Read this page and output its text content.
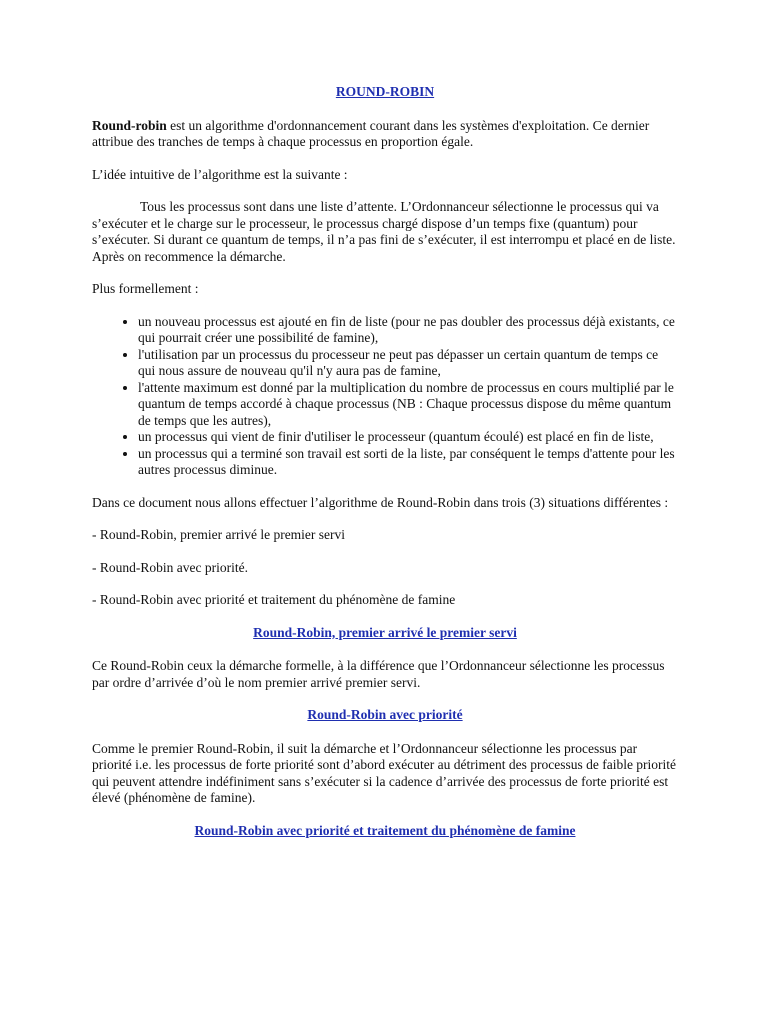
ROUND-ROBIN

Round-robin est un algorithme d'ordonnancement courant dans les systèmes d'exploitation. Ce dernier attribue des tranches de temps à chaque processus en proportion égale.

L’idée intuitive de l’algorithme est la suivante :

Tous les processus sont dans une liste d’attente. L’Ordonnanceur sélectionne le processus qui va s’exécuter et le charge sur le processeur, le processus chargé dispose d’un temps fixe (quantum) pour s’exécuter. Si durant ce quantum de temps, il n’a pas fini de s’exécuter, il est interrompu et placé en de liste. Après on recommence la démarche.

Plus formellement :

• un nouveau processus est ajouté en fin de liste (pour ne pas doubler des processus déjà existants, ce qui pourrait créer une possibilité de famine),
• l'utilisation par un processus du processeur ne peut pas dépasser un certain quantum de temps ce qui nous assure de nouveau qu'il n'y aura pas de famine,
• l'attente maximum est donné par la multiplication du nombre de processus en cours multiplié par le quantum de temps accordé à chaque processus (NB : Chaque processus dispose du même quantum de temps que les autres),
• un processus qui vient de finir d'utiliser le processeur (quantum écoulé) est placé en fin de liste,
• un processus qui a terminé son travail est sorti de la liste, par conséquent le temps d'attente pour les autres processus diminue.

Dans ce document nous allons effectuer l’algorithme de Round-Robin dans trois (3) situations différentes :

- Round-Robin, premier arrivé le premier servi

- Round-Robin avec priorité.

- Round-Robin avec priorité et traitement du phénomène de famine

Round-Robin, premier arrivé le premier servi

Ce Round-Robin ceux la démarche formelle, à la différence que l’Ordonnanceur sélectionne les processus par ordre d’arrivée d’où le nom premier arrivé premier servi.

Round-Robin avec priorité

Comme le premier Round-Robin, il suit la démarche et l’Ordonnanceur sélectionne les processus par priorité i.e. les processus de forte priorité sont d’abord exécuter au détriment des processus de faible priorité qui peuvent attendre indéfiniment sans s’exécuter si la cadence d’arrivée des processus de forte priorité est élevé (phénomène de famine).

Round-Robin avec priorité et traitement du phénomène de famine
